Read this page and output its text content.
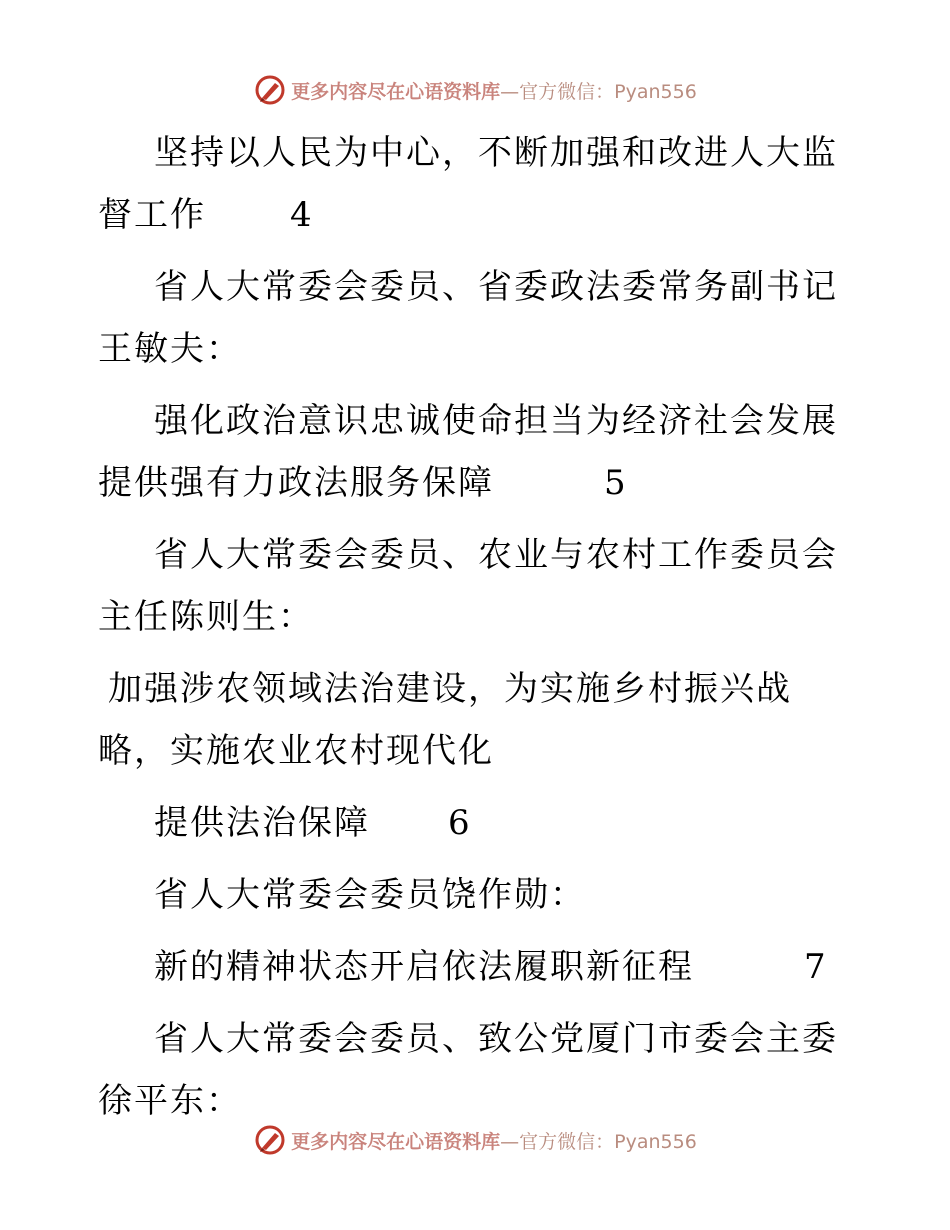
更多内容尽在心语资料库 —官方微信：Pyan556

坚持以人民为中心，不断加强和改进人大监督工作 4

省人大常委会委员、省委政法委常务副书记王敏夫：

强化政治意识忠诚使命担当为经济社会发展提供强有力政法服务保障	5

省人大常委会委员、农业与农村工作委员会主任陈则生：

加强涉农领域法治建设，为实施乡村振兴战略，实施农业农村现代化

提供法治保障 6

省人大常委会委员饶作勋：

新的精神状态开启依法履职新征程	7

省人大常委会委员、致公党厦门市委会主委徐平东：

更多内容尽在心语资料库 —官方微信：Pyan556
